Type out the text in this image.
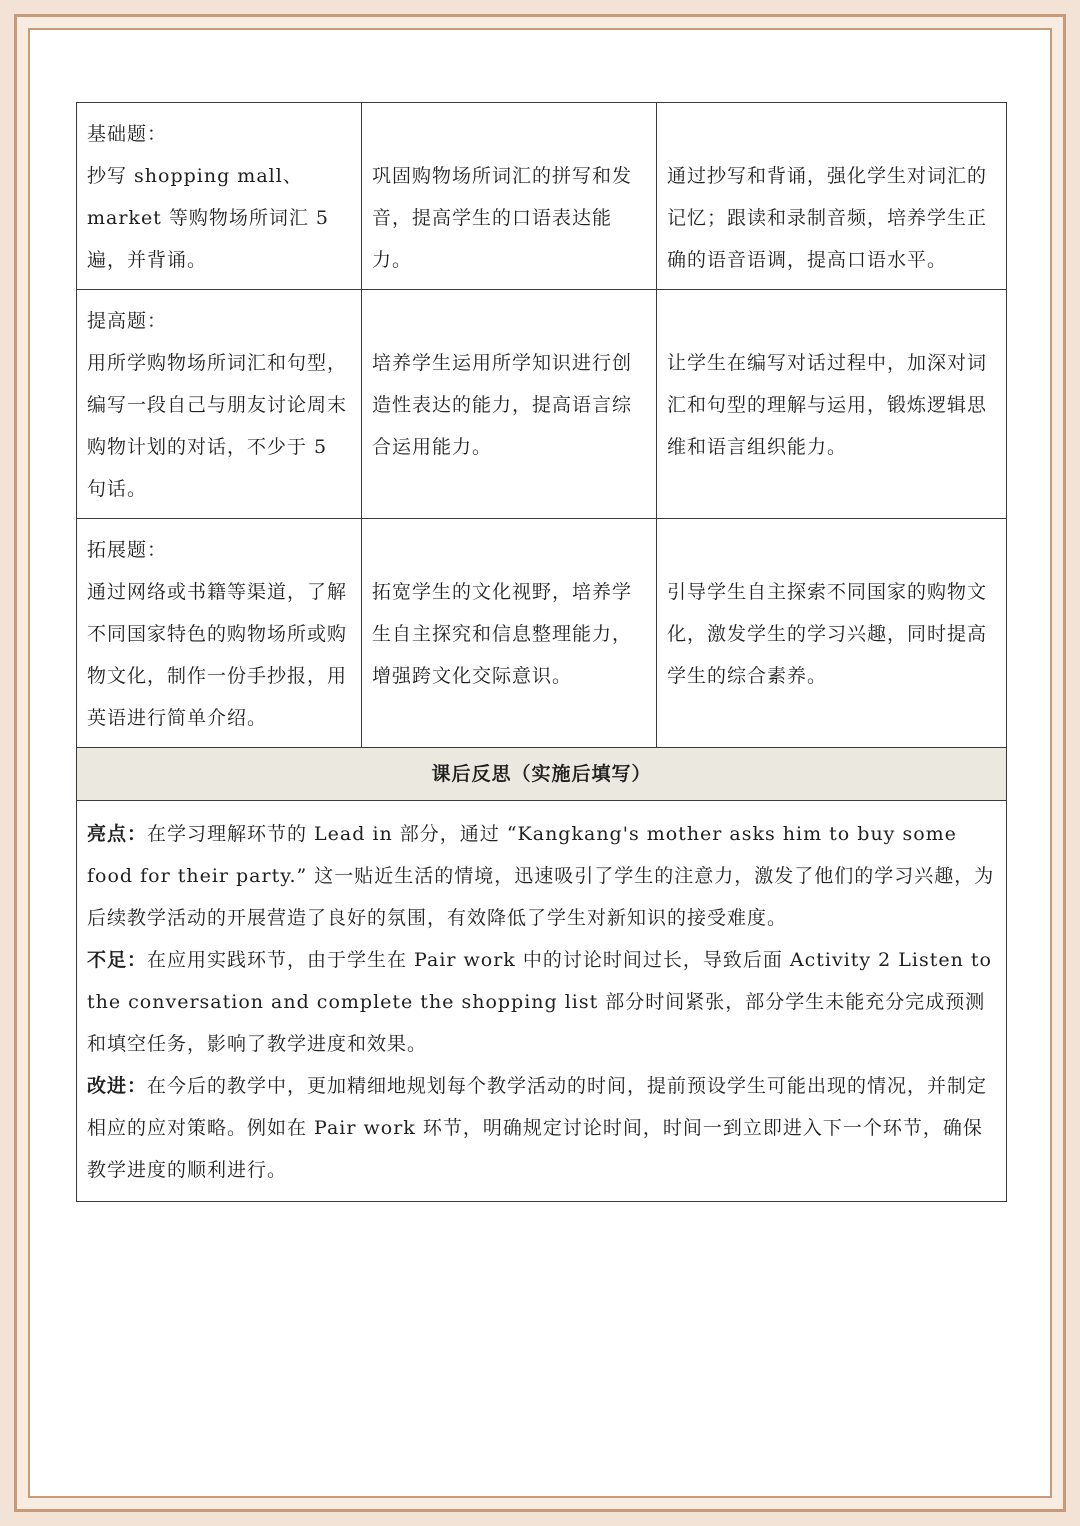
基础题：
抄写 shopping mall、market 等购物场所词汇 5 遍，并背诵。	巩固购物场所词汇的拼写和发音，提高学生的口语表达能力。	通过抄写和背诵，强化学生对词汇的记忆；跟读和录制音频，培养学生正确的语音语调，提高口语水平。

提高题：
用所学购物场所词汇和句型，编写一段自己与朋友讨论周末购物计划的对话，不少于 5 句话。	培养学生运用所学知识进行创造性表达的能力，提高语言综合运用能力。	让学生在编写对话过程中，加深对词汇和句型的理解与运用，锻炼逻辑思维和语言组织能力。

拓展题：
通过网络或书籍等渠道，了解不同国家特色的购物场所或购物文化，制作一份手抄报，用英语进行简单介绍。	拓宽学生的文化视野，培养学生自主探究和信息整理能力，增强跨文化交际意识。	引导学生自主探索不同国家的购物文化，激发学生的学习兴趣，同时提高学生的综合素养。
课后反思（实施后填写）		

亮点：在学习理解环节的 Lead in 部分，通过 “Kangkang's mother asks him to buy some food for their party.” 这一贴近生活的情境，迅速吸引了学生的注意力，激发了他们的学习兴趣，为后续教学活动的开展营造了良好的氛围，有效降低了学生对新知识的接受难度。

不足：在应用实践环节，由于学生在 Pair work 中的讨论时间过长，导致后面 Activity 2 Listen to the conversation and complete the shopping list 部分时间紧张，部分学生未能充分完成预测和填空任务，影响了教学进度和效果。

改进：在今后的教学中，更加精细地规划每个教学活动的时间，提前预设学生可能出现的情况，并制定相应的应对策略。例如在 Pair work 环节，明确规定讨论时间，时间一到立即进入下一个环节，确保教学进度的顺利进行。		
